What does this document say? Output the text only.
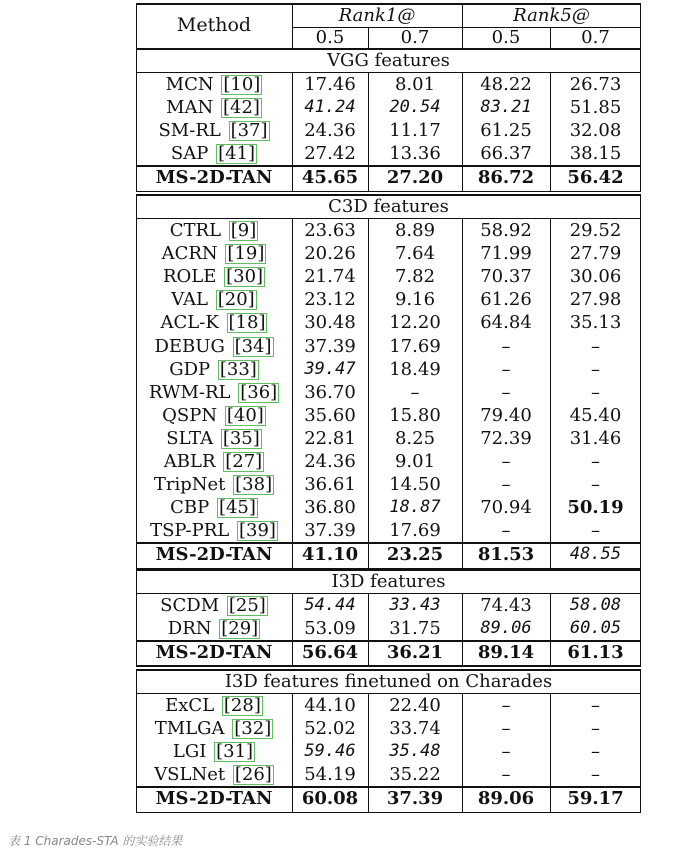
Method	Rank1@	Rank5@
0.5	0.7	0.5	0.7
VGG features
MCN [10]	17.46	8.01	48.22	26.73
MAN [42]	41.24	20.54	83.21	51.85
SM-RL [37]	24.36	11.17	61.25	32.08
SAP [41]	27.42	13.36	66.37	38.15
MS-2D-TAN	45.65	27.20	86.72	56.42
C3D features
CTRL [9]	23.63	8.89	58.92	29.52
ACRN [19]	20.26	7.64	71.99	27.79
ROLE [30]	21.74	7.82	70.37	30.06
VAL [20]	23.12	9.16	61.26	27.98
ACL-K [18]	30.48	12.20	64.84	35.13
DEBUG [34]	37.39	17.69	–	–
GDP [33]	39.47	18.49	–	–
RWM-RL [36]	36.70	–	–	–
QSPN [40]	35.60	15.80	79.40	45.40
SLTA [35]	22.81	8.25	72.39	31.46
ABLR [27]	24.36	9.01	–	–
TripNet [38]	36.61	14.50	–	–
CBP [45]	36.80	18.87	70.94	50.19
TSP-PRL [39]	37.39	17.69	–	–
MS-2D-TAN	41.10	23.25	81.53	48.55
I3D features
SCDM [25]	54.44	33.43	74.43	58.08
DRN [29]	53.09	31.75	89.06	60.05
MS-2D-TAN	56.64	36.21	89.14	61.13
I3D features finetuned on Charades
ExCL [28]	44.10	22.40	–	–
TMLGA [32]	52.02	33.74	–	–
LGI [31]	59.46	35.48	–	–
VSLNet [26]	54.19	35.22	–	–
MS-2D-TAN	60.08	37.39	89.06	59.17
表 1 Charades-STA 的实验结果
